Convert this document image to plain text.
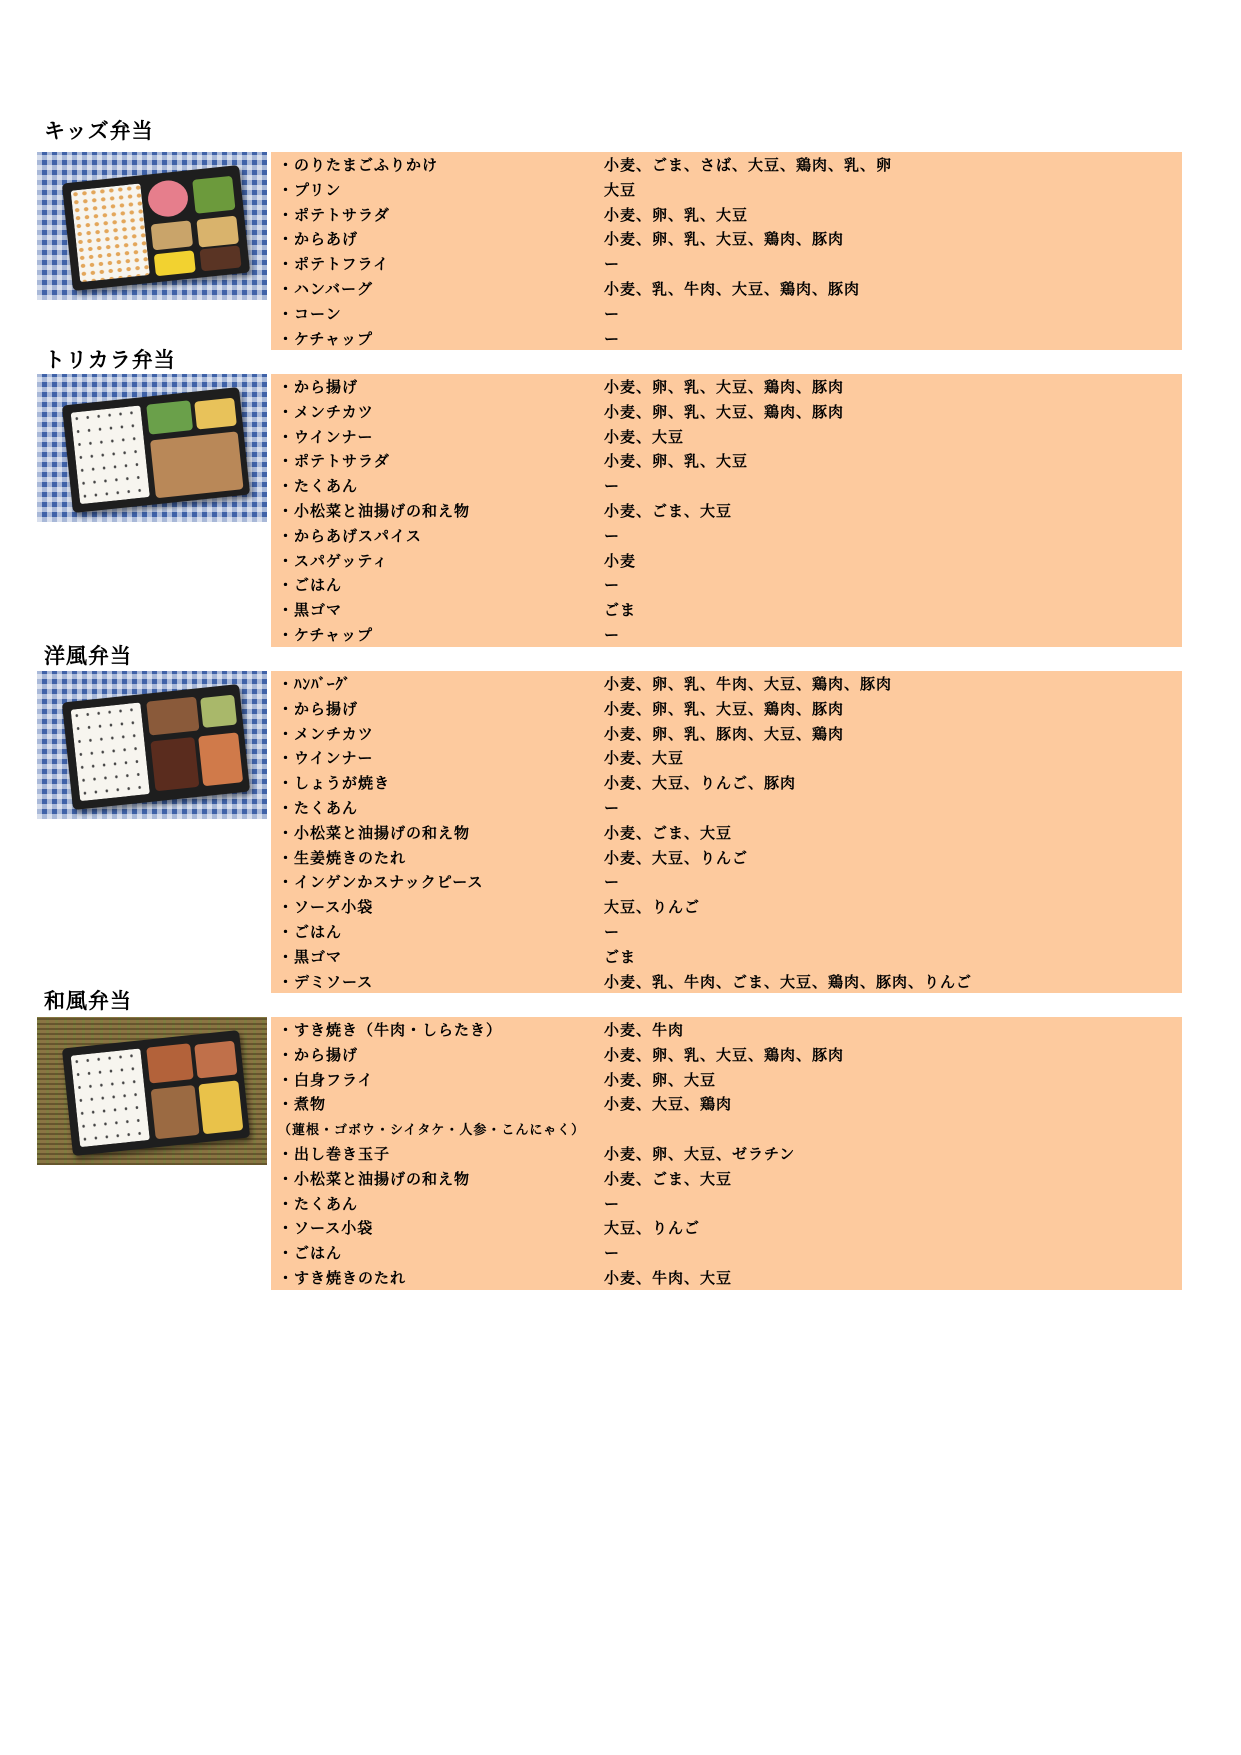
キッズ弁当
・のりたまごふりかけ	小麦、ごま、さば、大豆、鶏肉、乳、卵
・プリン	大豆
・ポテトサラダ	小麦、卵、乳、大豆
・からあげ	小麦、卵、乳、大豆、鶏肉、豚肉
・ポテトフライ	ー
・ハンバーグ	小麦、乳、牛肉、大豆、鶏肉、豚肉
・コーン	ー
・ケチャップ	ー
トリカラ弁当
・から揚げ	小麦、卵、乳、大豆、鶏肉、豚肉
・メンチカツ	小麦、卵、乳、大豆、鶏肉、豚肉
・ウインナー	小麦、大豆
・ポテトサラダ	小麦、卵、乳、大豆
・たくあん	ー
・小松菜と油揚げの和え物	小麦、ごま、大豆
・からあげスパイス	ー
・スパゲッティ	小麦
・ごはん	ー
・黒ゴマ	ごま
・ケチャップ	ー
洋風弁当
・ﾊﾝﾊﾞｰｸﾞ	小麦、卵、乳、牛肉、大豆、鶏肉、豚肉
・から揚げ	小麦、卵、乳、大豆、鶏肉、豚肉
・メンチカツ	小麦、卵、乳、豚肉、大豆、鶏肉
・ウインナー	小麦、大豆
・しょうが焼き	小麦、大豆、りんご、豚肉
・たくあん	ー
・小松菜と油揚げの和え物	小麦、ごま、大豆
・生姜焼きのたれ	小麦、大豆、りんご
・インゲンかスナックピース	ー
・ソース小袋	大豆、りんご
・ごはん	ー
・黒ゴマ	ごま
・デミソース	小麦、乳、牛肉、ごま、大豆、鶏肉、豚肉、りんご
和風弁当
・すき焼き（牛肉・しらたき）	小麦、牛肉
・から揚げ	小麦、卵、乳、大豆、鶏肉、豚肉
・白身フライ	小麦、卵、大豆
・煮物	小麦、大豆、鶏肉
（蓮根・ゴボウ・シイタケ・人参・こんにゃく）
・出し巻き玉子	小麦、卵、大豆、ゼラチン
・小松菜と油揚げの和え物	小麦、ごま、大豆
・たくあん	ー
・ソース小袋	大豆、りんご
・ごはん	ー
・すき焼きのたれ	小麦、牛肉、大豆
